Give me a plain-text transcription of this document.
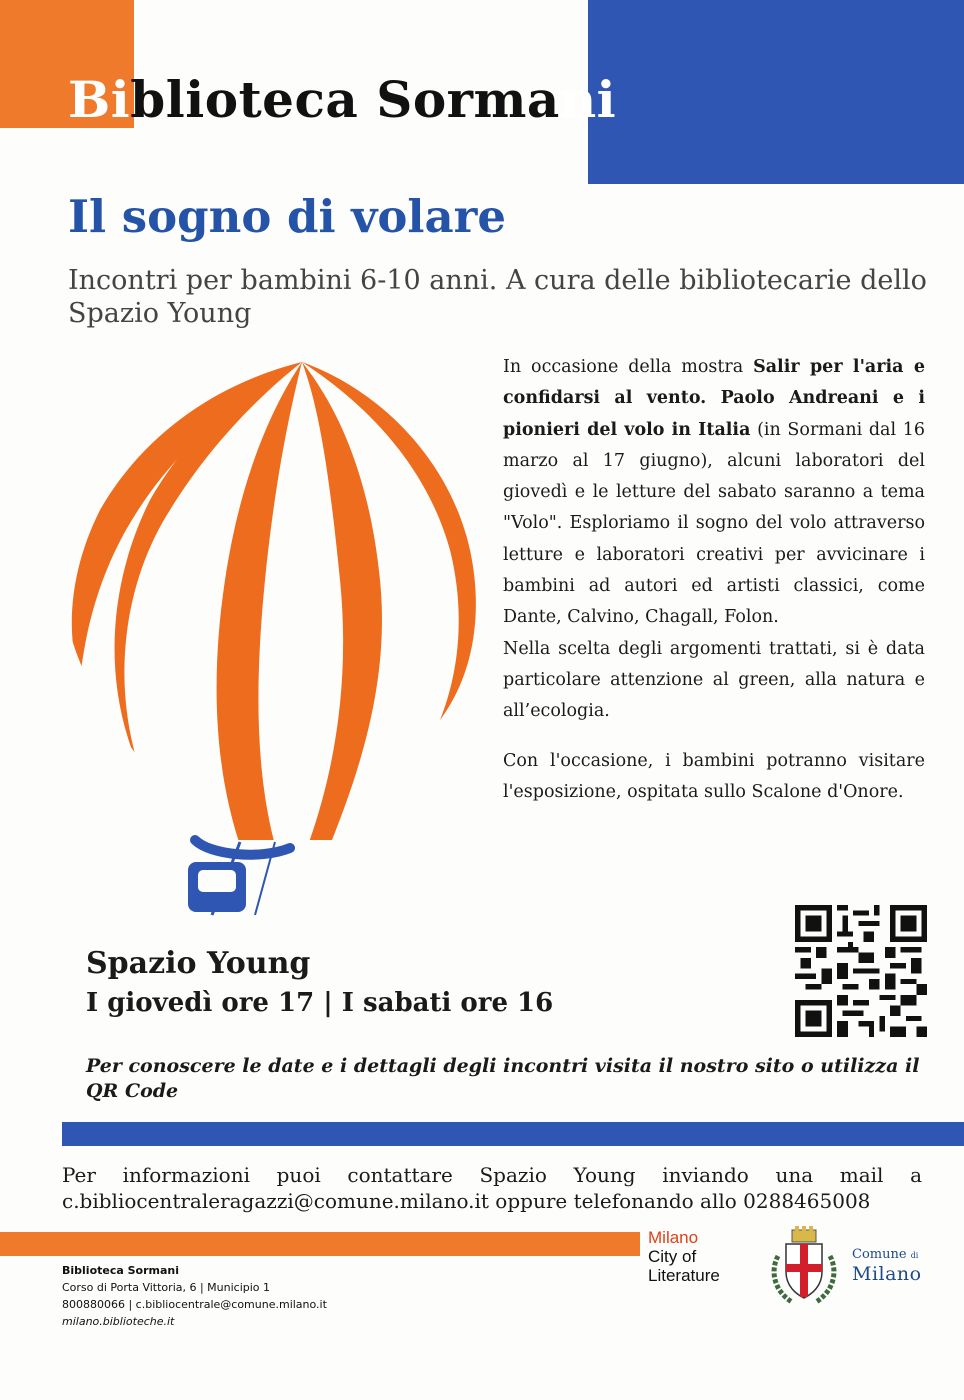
Biblioteca Sormani
Il sogno di volare
Incontri per bambini 6-10 anni. A cura delle bibliotecarie dello Spazio Young

In occasione della mostra Salir per l'aria e confidarsi al vento. Paolo Andreani e i pionieri del volo in Italia (in Sormani dal 16 marzo al 17 giugno), alcuni laboratori del giovedì e le letture del sabato saranno a tema "Volo". Esploriamo il sogno del volo attraverso letture e laboratori creativi per avvicinare i bambini ad autori ed artisti classici, come Dante, Calvino, Chagall, Folon.

Nella scelta degli argomenti trattati, si è data particolare attenzione al green, alla natura e all’ecologia.

Con l'occasione, i bambini potranno visitare l'esposizione, ospitata sullo Scalone d'Onore.

Spazio Young
I giovedì ore 17 | I sabati ore 16
Per conoscere le date e i dettagli degli incontri visita il nostro sito o utilizza il QR Code
Per informazioni puoi contattare Spazio Young inviando una mail a c.bibliocentraleragazzi@comune.milano.it oppure telefonando allo 0288465008
Biblioteca Sormani
Corso di Porta Vittoria, 6 | Municipio 1
800880066 | c.bibliocentrale@comune.milano.it
milano.biblioteche.it
Milano
City of
Literature
Comune di
Milano
